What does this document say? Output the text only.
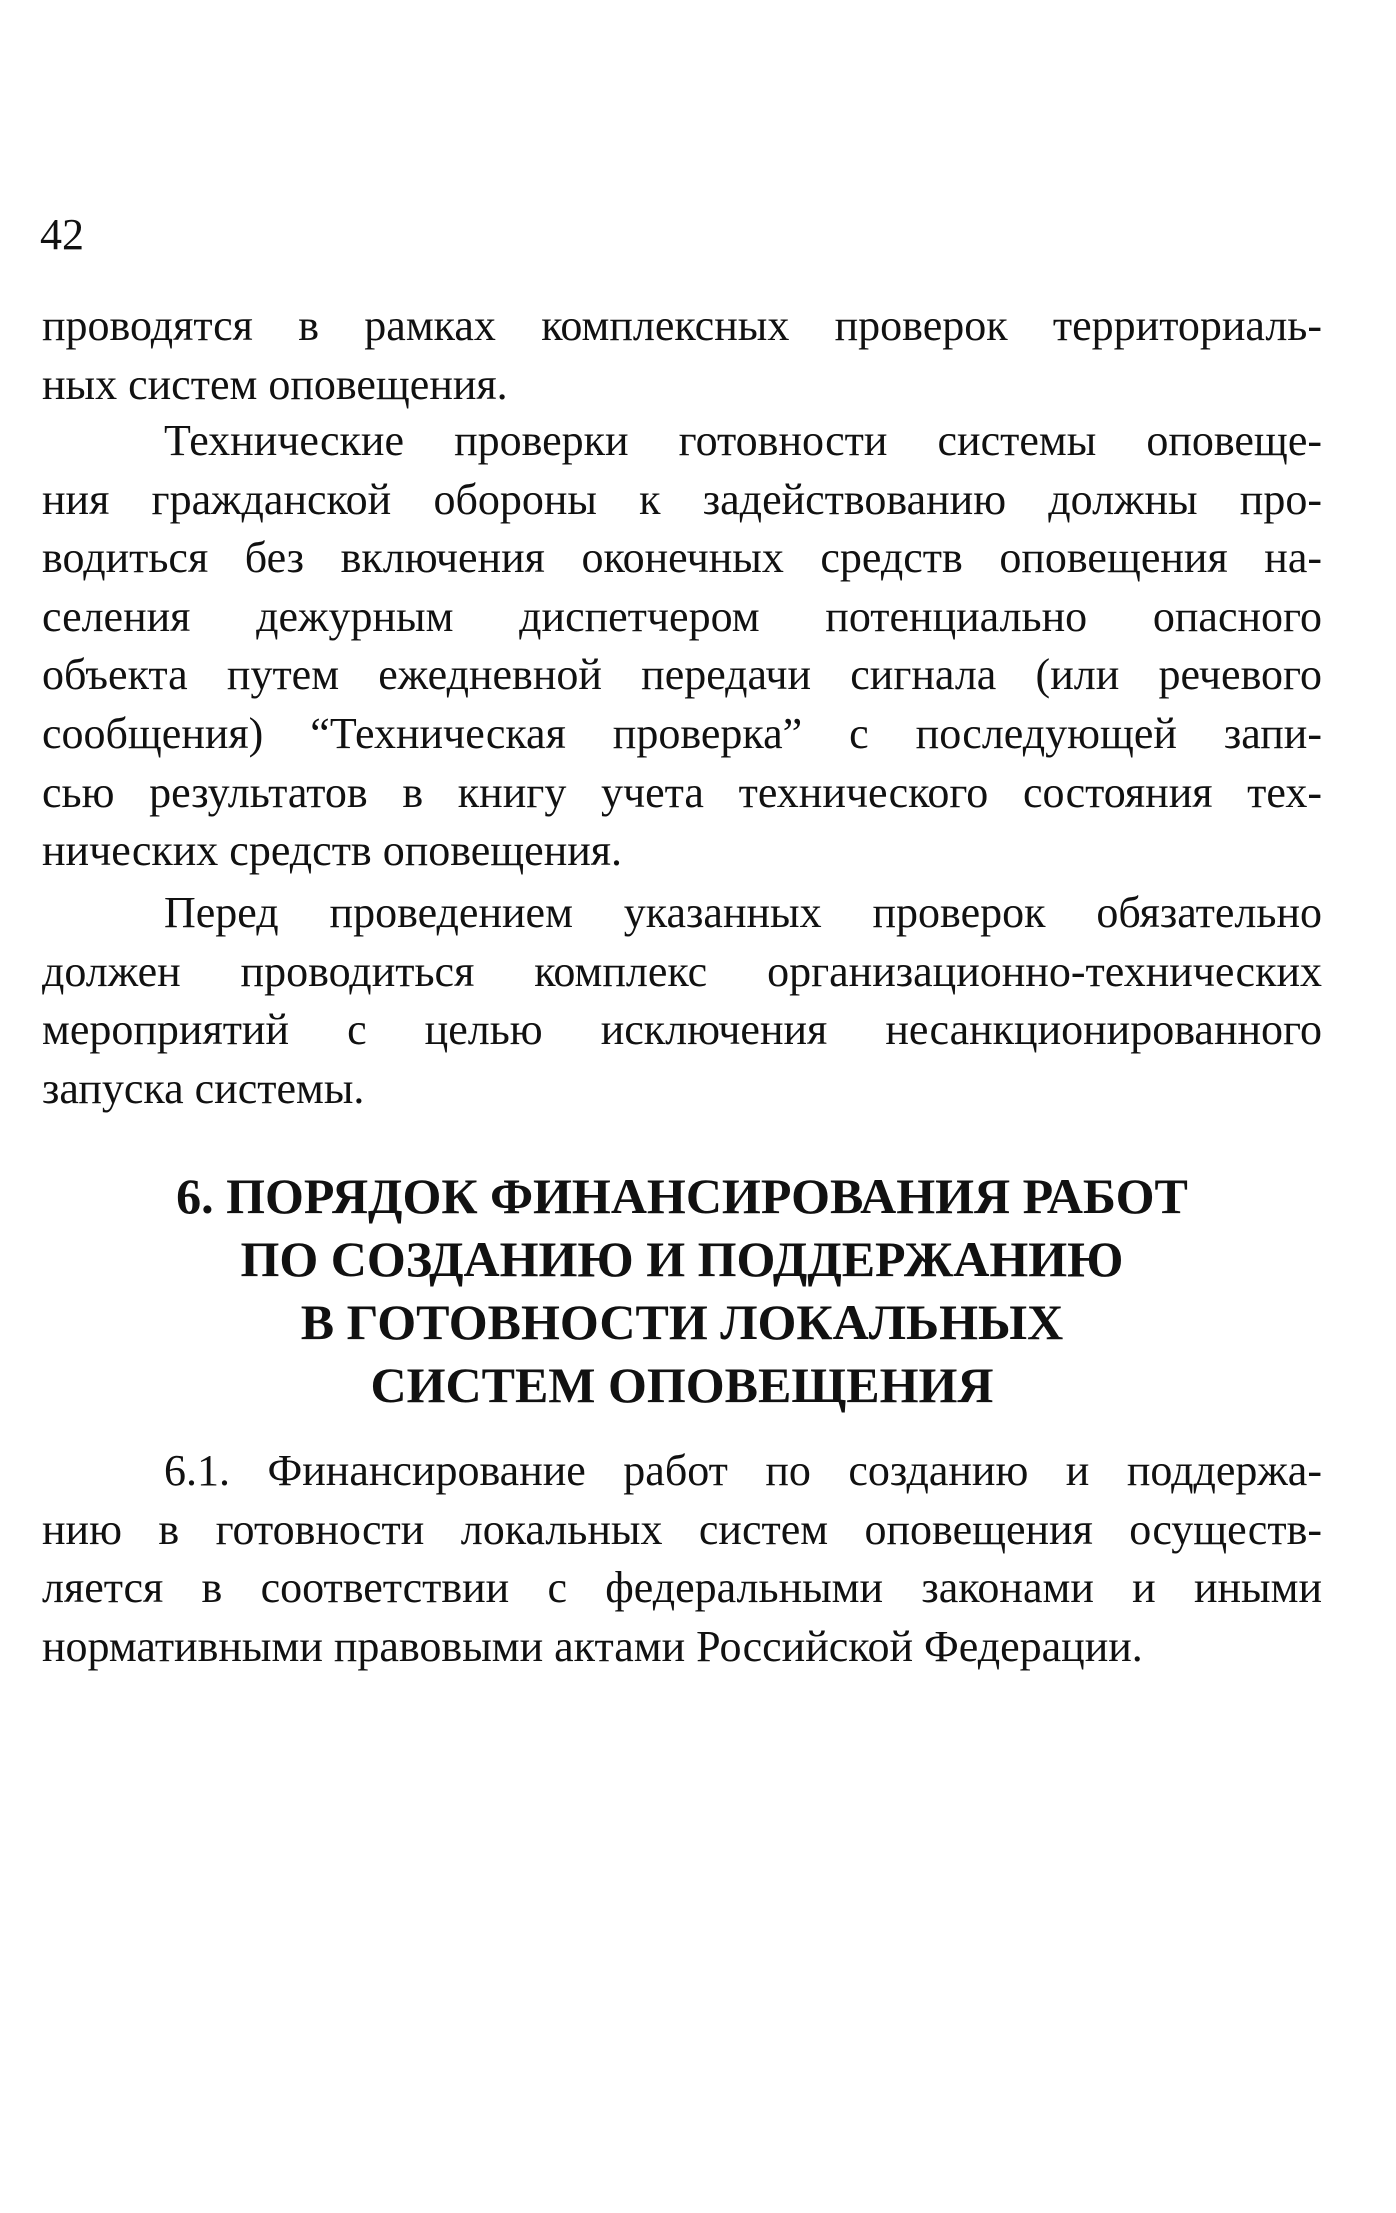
42
проводятся в рамках комплексных проверок территориаль-
ных систем оповещения.
Технические проверки готовности системы оповеще-
ния гражданской обороны к задействованию должны про-
водиться без включения оконечных средств оповещения на-
селения дежурным диспетчером потенциально опасного
объекта путем ежедневной передачи сигнала (или речевого
сообщения) “Техническая проверка” с последующей запи-
сью результатов в книгу учета технического состояния тех-
нических средств оповещения.
Перед проведением указанных проверок обязательно
должен проводиться комплекс организационно-технических
мероприятий с целью исключения несанкционированного
запуска системы.
6. ПОРЯДОК ФИНАНСИРОВАНИЯ РАБОТ
ПО СОЗДАНИЮ И ПОДДЕРЖАНИЮ
В ГОТОВНОСТИ ЛОКАЛЬНЫХ
СИСТЕМ ОПОВЕЩЕНИЯ
6.1. Финансирование работ по созданию и поддержа-
нию в готовности локальных систем оповещения осуществ-
ляется в соответствии с федеральными законами и иными
нормативными правовыми актами Российской Федерации.
